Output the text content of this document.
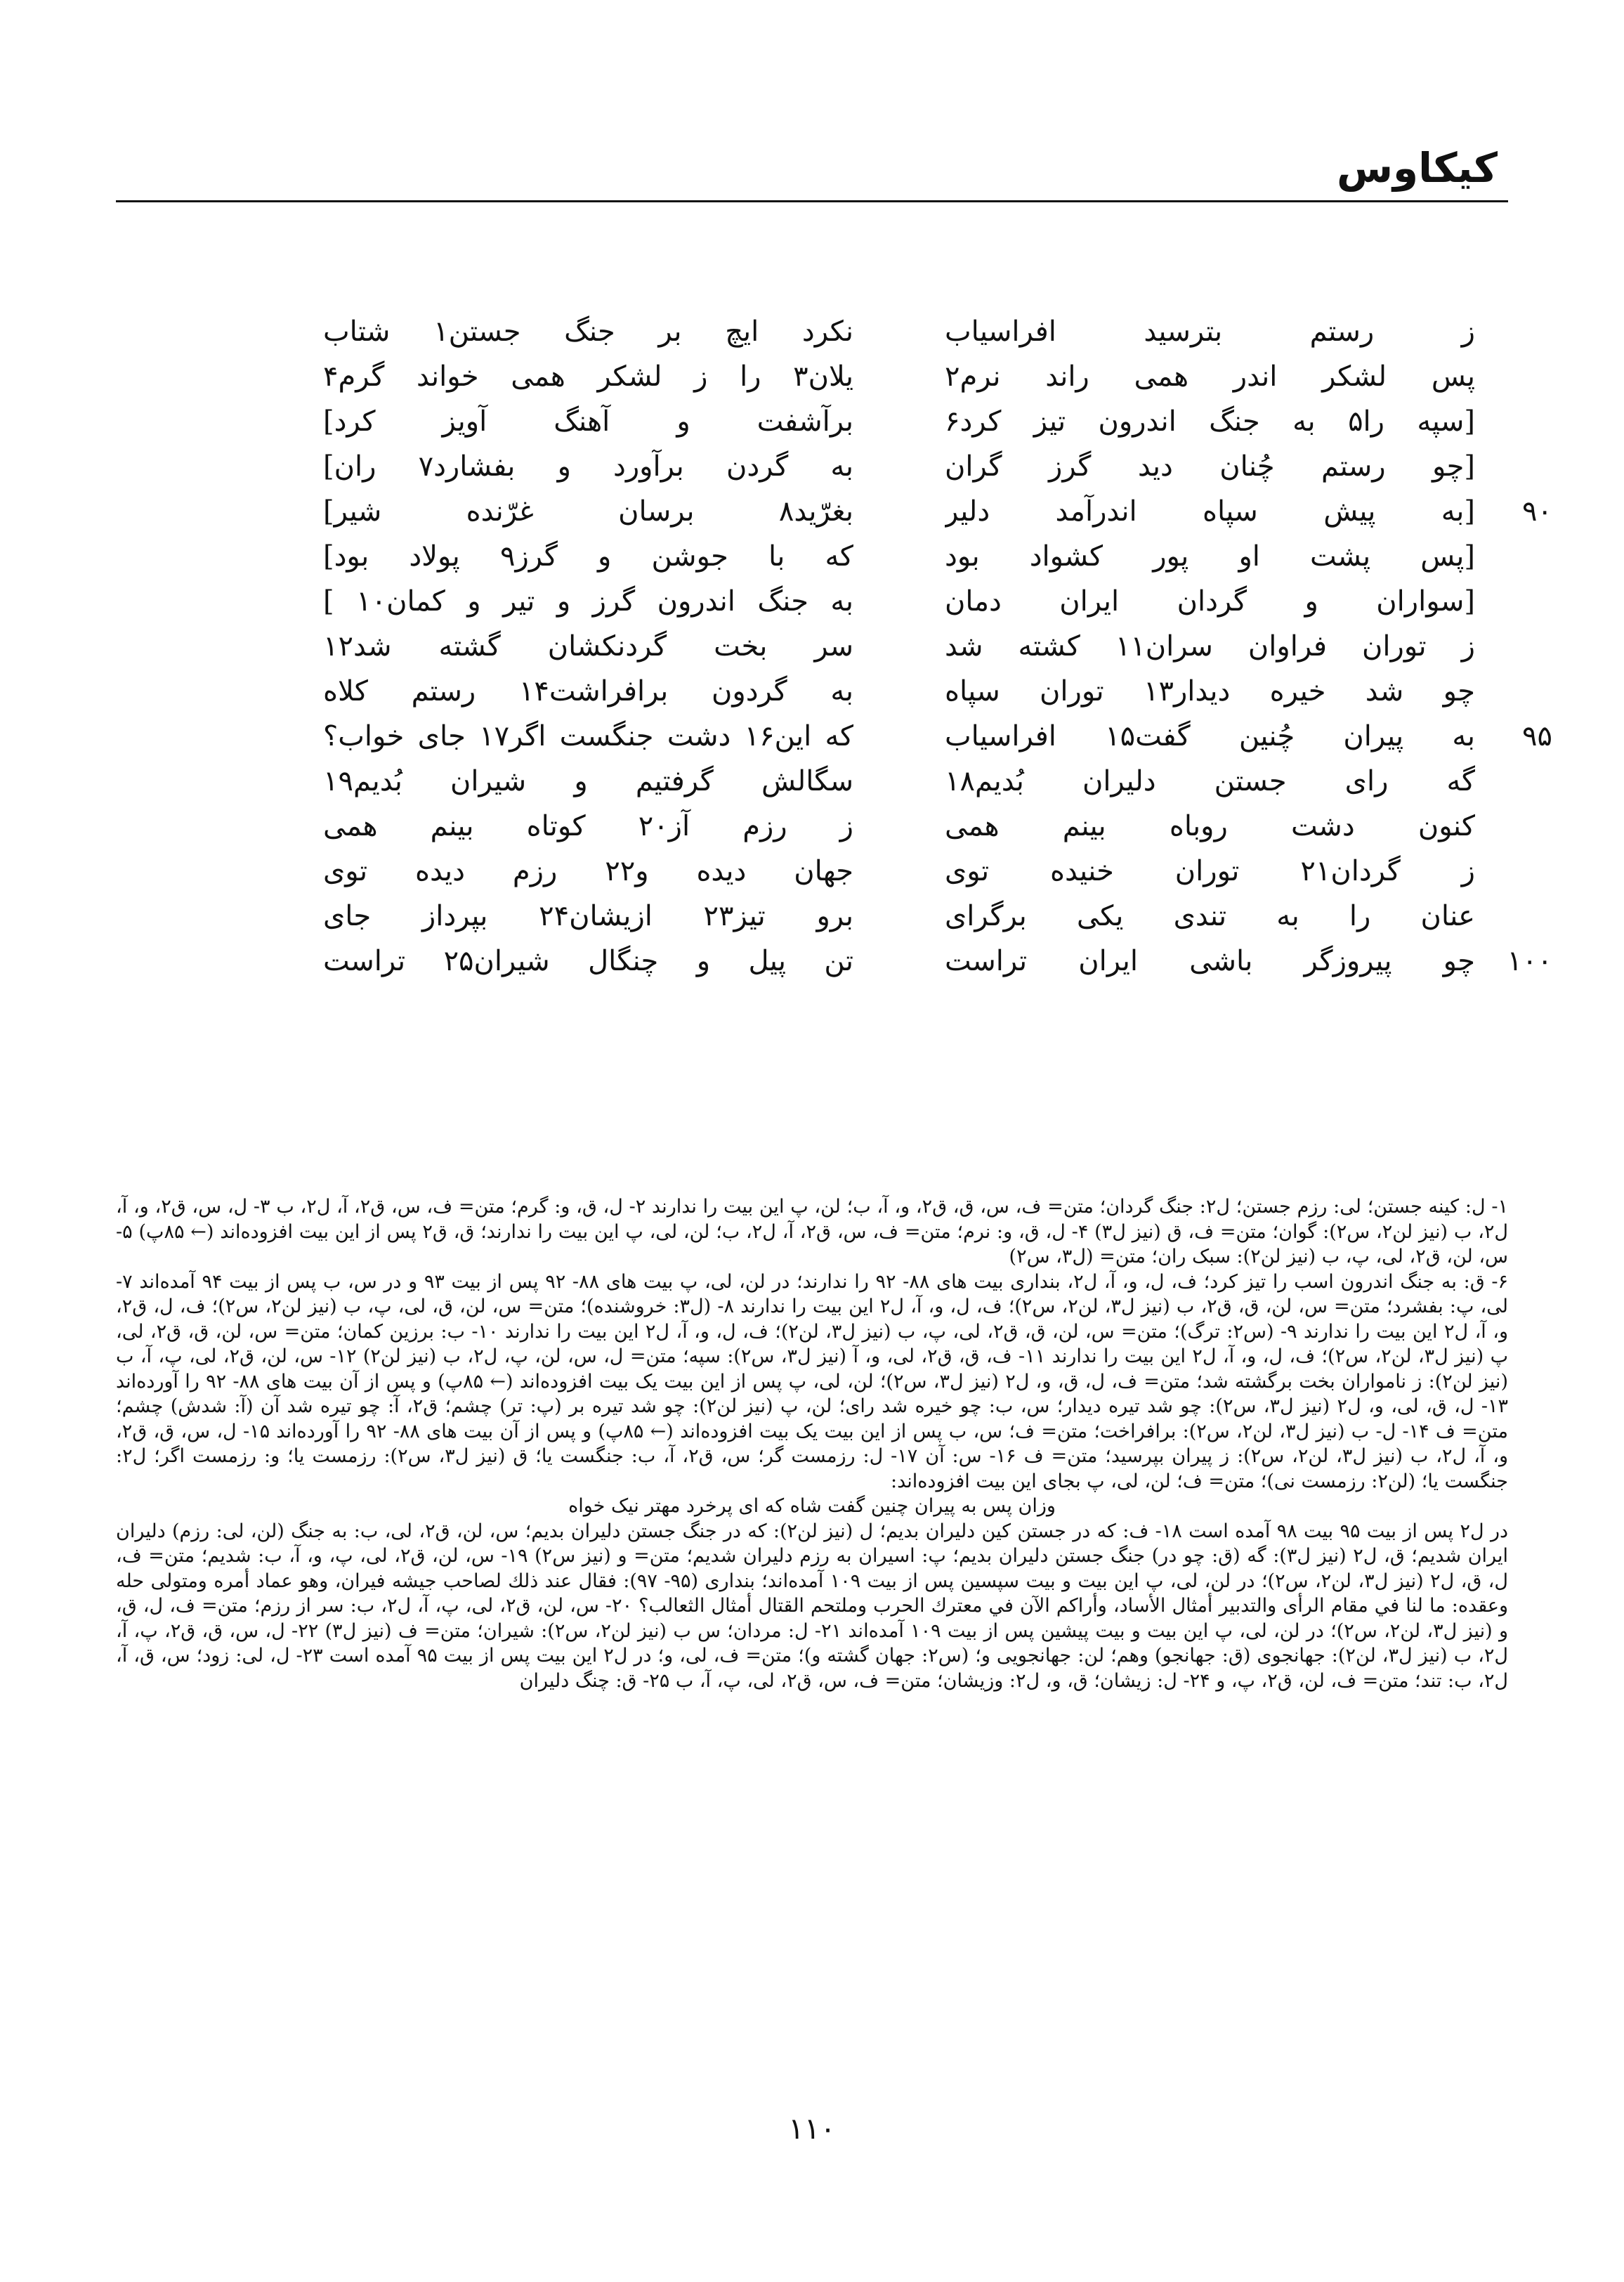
کیکاوس
ز رستم بترسید افراسیاب
نکرد ایچ بر جنگ جستن۱ شتاب
پس لشکر اندر همی راند نرم۲
یلان۳ را ز لشکر همی خواند گرم۴
[سپه را۵ به جنگ اندرون تیز کرد۶
برآشفت و آهنگ آویز کرد]
[چو رستم چُنان دید گرز گران
به گردن برآورد و بفشارد۷ ران]
۹۰
[به پیش سپاه اندرآمد دلیر
بغرّید۸ برسان غرّنده شیر]
[پس پشت او پور کشواد بود
که با جوشن و گرز۹ پولاد بود]
[سواران و گردان ایران دمان
به جنگ اندرون گرز و تیر و کمان۱۰ ]
ز توران فراوان سران۱۱ کشته شد
سر بخت گردنکشان گشته شد۱۲
چو شد خیره دیدار۱۳ توران سپاه
به گردون برافراشت۱۴ رستم کلاه
۹۵
به پیران چُنین گفت۱۵ افراسیاب
که این۱۶ دشت جنگست اگر۱۷ جای خواب؟
گه رای جستن دلیران بُدیم۱۸
سگالش گرفتیم و شیران بُدیم۱۹
کنون دشت روباه بینم همی
ز رزم آز۲۰ کوتاه بینم همی
ز گردان۲۱ توران خنیده توی
جهان دیده و۲۲ رزم دیده توی
عنان را به تندی یکی برگرای
برو تیز۲۳ ازیشان۲۴ بپرداز جای
۱۰۰
چو پیروزگر باشی ایران تراست
تن پیل و چنگال شیران۲۵ تراست

۱- ل: کینه جستن؛ لی: رزم جستن؛ ل۲: جنگ گردان؛ متن= ف، س، ق، ق۲، و، آ، ب؛ لن، پ این بیت را ندارند ۲- ل، ق، و: گرم؛ متن= ف، س، ق۲، آ، ل۲، ب ۳- ل، س، ق۲، و، آ، ل۲، ب (نیز لن۲، س۲): گوان؛ متن= ف، ق (نیز ل۳) ۴- ل، ق، و: نرم؛ متن= ف، س، ق۲، آ، ل۲، ب؛ لن، لی، پ این بیت را ندارند؛ ق، ق۲ پس از این بیت افزوده‌اند (← ۸۵پ) ۵- س، لن، ق۲، لی، پ، ب (نیز لن۲): سبک ران؛ متن= (ل۳، س۲)

۶- ق: به جنگ اندرون اسب را تیز کرد؛ ف، ل، و، آ، ل۲، بنداری بیت های ۸۸- ۹۲ را ندارند؛ در لن، لی، پ بیت های ۸۸- ۹۲ پس از بیت ۹۳ و در س، ب پس از بیت ۹۴ آمده‌اند ۷- لی، پ: بفشرد؛ متن= س، لن، ق، ق۲، ب (نیز ل۳، لن۲، س۲)؛ ف، ل، و، آ، ل۲ این بیت را ندارند ۸- (ل۳: خروشنده)؛ متن= س، لن، ق، لی، پ، ب (نیز لن۲، س۲)؛ ف، ل، ق۲، و، آ، ل۲ این بیت را ندارند ۹- (س۲: ترگ)؛ متن= س، لن، ق، ق۲، لی، پ، ب (نیز ل۳، لن۲)؛ ف، ل، و، آ، ل۲ این بیت را ندارند ۱۰- ب: برزین کمان؛ متن= س، لن، ق، ق۲، لی، پ (نیز ل۳، لن۲، س۲)؛ ف، ل، و، آ، ل۲ این بیت را ندارند ۱۱- ف، ق، ق۲، لی، و، آ (نیز ل۳، س۲): سپه؛ متن= ل، س، لن، پ، ل۲، ب (نیز لن۲) ۱۲- س، لن، ق۲، لی، پ، آ، ب (نیز لن۲): ز نامواران بخت برگشته شد؛ متن= ف، ل، ق، و، ل۲ (نیز ل۳، س۲)؛ لن، لی، پ پس از این بیت یک بیت افزوده‌اند (← ۸۵پ) و پس از آن بیت های ۸۸- ۹۲ را آورده‌اند ۱۳- ل، ق، لی، و، ل۲ (نیز ل۳، س۲): چو شد تیره دیدار؛ س، ب: چو خیره شد رای؛ لن، پ (نیز لن۲): چو شد تیره بر (پ: تر) چشم؛ ق۲، آ: چو تیره شد آن (آ: شدش) چشم؛ متن= ف ۱۴- ل- ب (نیز ل۳، لن۲، س۲): برافراخت؛ متن= ف؛ س، ب پس از این بیت یک بیت افزوده‌اند (← ۸۵پ) و پس از آن بیت های ۸۸- ۹۲ را آورده‌اند ۱۵- ل، س، ق، ق۲، و، آ، ل۲، ب (نیز ل۳، لن۲، س۲): ز پیران بپرسید؛ متن= ف ۱۶- س: آن ۱۷- ل: رزمست گر؛ س، ق۲، آ، ب: جنگست یا؛ ق (نیز ل۳، س۲): رزمست یا؛ و: رزمست اگر؛ ل۲: جنگست یا؛ (لن۲: رزمست نی)؛ متن= ف؛ لن، لی، پ بجای این بیت افزوده‌اند:

وزان پس به پیران چنین گفت شاه که ای پرخرد مهتر نیک خواه

در ل۲ پس از بیت ۹۵ بیت ۹۸ آمده است ۱۸- ف: که در جستن کین دلیران بدیم؛ ل (نیز لن۲): که در جنگ جستن دلیران بدیم؛ س، لن، ق۲، لی، ب: به جنگ (لن، لی: رزم) دلیران ایران شدیم؛ ق، ل۲ (نیز ل۳): گه (ق: چو در) جنگ جستن دلیران بدیم؛ پ: اسیران به رزم دلیران شدیم؛ متن= و (نیز س۲) ۱۹- س، لن، ق۲، لی، پ، و، آ، ب: شدیم؛ متن= ف، ل، ق، ل۲ (نیز ل۳، لن۲، س۲)؛ در لن، لی، پ این بیت و بیت سپسین پس از بیت ۱۰۹ آمده‌اند؛ بنداری (۹۵- ۹۷): فقال عند ذلك لصاحب جیشه فیران، وهو عماد أمره ومتولی حله وعقده: ما لنا في مقام الرأی والتدبیر أمثال الأساد، وأراکم الآن في معترك الحرب وملتحم القتال أمثال الثعالب؟ ۲۰- س، لن، ق۲، لی، پ، آ، ل۲، ب: سر از رزم؛ متن= ف، ل، ق، و (نیز ل۳، لن۲، س۲)؛ در لن، لی، پ این بیت و بیت پیشین پس از بیت ۱۰۹ آمده‌اند ۲۱- ل: مردان؛ س ب (نیز لن۲، س۲): شیران؛ متن= ف (نیز ل۳) ۲۲- ل، س، ق، ق۲، پ، آ، ل۲، ب (نیز ل۳، لن۲): جهانجوی (ق: جهانجو) وهم؛ لن: جهانجویی و؛ (س۲: جهان گشته و)؛ متن= ف، لی، و؛ در ل۲ این بیت پس از بیت ۹۵ آمده است ۲۳- ل، لی: زود؛ س، ق، آ، ل۲، ب: تند؛ متن= ف، لن، ق۲، پ، و ۲۴- ل: زیشان؛ ق، و، ل۲: وزیشان؛ متن= ف، س، ق۲، لی، پ، آ، ب ۲۵- ق: چنگ دلیران

۱۱۰
